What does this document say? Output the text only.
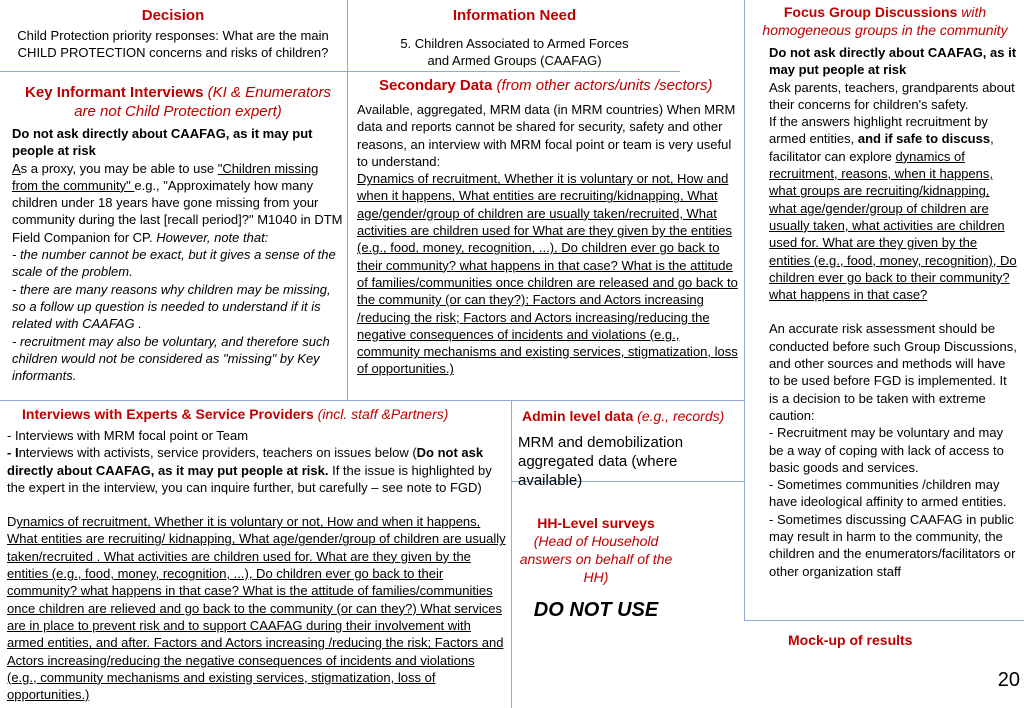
Decision

Child Protection priority responses: What are the main CHILD PROTECTION concerns and risks of children?

Information Need

5. Children Associated to Armed Forces

and Armed Groups (CAAFAG)

Key Informant Interviews (KI & Enumerators are not Child Protection expert)

Do not ask directly about CAAFAG, as it may put people at risk

As a proxy, you may be able to use "Children missing from the community" e.g., "Approximately how many children under 18 years have gone missing from your community during the last [recall period]?" M1040 in DTM Field Companion for CP. However, note that:

- the number cannot be exact, but it gives a sense of the scale of the problem.

- there are many reasons why children may be missing, so a follow up question is needed to understand if it is related with CAAFAG .

- recruitment may also be voluntary, and therefore such children would not be considered as "missing" by Key informants.

Secondary Data (from other actors/units /sectors)

Available, aggregated, MRM data (in MRM countries) When MRM data and reports cannot be shared for security, safety and other reasons, an interview with MRM focal point or team is very useful to understand:

Dynamics of recruitment, Whether it is voluntary or not, How and when it happens, What entities are recruiting/kidnapping, What age/gender/group of children are usually taken/recruited, What activities are children used for What are they given by the entities (e.g., food, money, recognition, ...), Do children ever go back to their community? what happens in that case? What is the attitude of families/communities once children are released and go back to the community (or can they?); Factors and Actors increasing /reducing the risk; Factors and Actors increasing/reducing the negative consequences of incidents and violations (e.g., community mechanisms and existing services, stigmatization, loss of opportunities.)

Focus Group Discussions with homogeneous groups in the community

Do not ask directly about CAAFAG, as it may put people at risk

Ask parents, teachers, grandparents about their concerns for children's safety.

If the answers highlight recruitment by armed entities, and if safe to discuss, facilitator can explore dynamics of recruitment, reasons, when it happens, what groups are recruiting/kidnapping, what age/gender/group of children are usually taken, what activities are children used for. What are they given by the entities (e.g., food, money, recognition), Do children ever go back to their community? what happens in that case?

An accurate risk assessment should be conducted before such Group Discussions, and other sources and methods will have to be used before FGD is implemented. It is a decision to be taken with extreme caution:

- Recruitment may be voluntary and may be a way of coping with lack of access to basic goods and services.

- Sometimes communities /children may have ideological affinity to armed entities.

- Sometimes discussing CAAFAG in public may result in harm to the community, the children and the enumerators/facilitators or other organization staff

Interviews with Experts & Service Providers (incl. staff &Partners)

- Interviews with MRM focal point or Team

- Interviews with activists, service providers, teachers on issues below (Do not ask directly about CAAFAG, as it may put people at risk. If the issue is highlighted by the expert in the interview, you can inquire further, but carefully – see note to FGD)

Dynamics of recruitment, Whether it is voluntary or not, How and when it happens, What entities are recruiting/ kidnapping, What age/gender/group of children are usually taken/recruited . What activities are children used for. What are they given by the entities (e.g., food, money, recognition, ...), Do children ever go back to their community? what happens in that case? What is the attitude of families/communities once children are relieved and go back to the community (or can they?) What services are in place to prevent risk and to support CAAFAG during their involvement with armed entities, and after. Factors and Actors increasing /reducing the risk; Factors and Actors increasing/reducing the negative consequences of incidents and violations (e.g., community mechanisms and existing services, stigmatization, loss of opportunities.)

Admin level data (e.g., records)

MRM and demobilization aggregated data (where available)

HH-Level surveys

(Head of Household answers on behalf of the HH)

DO NOT USE

Mock-up of results

20
